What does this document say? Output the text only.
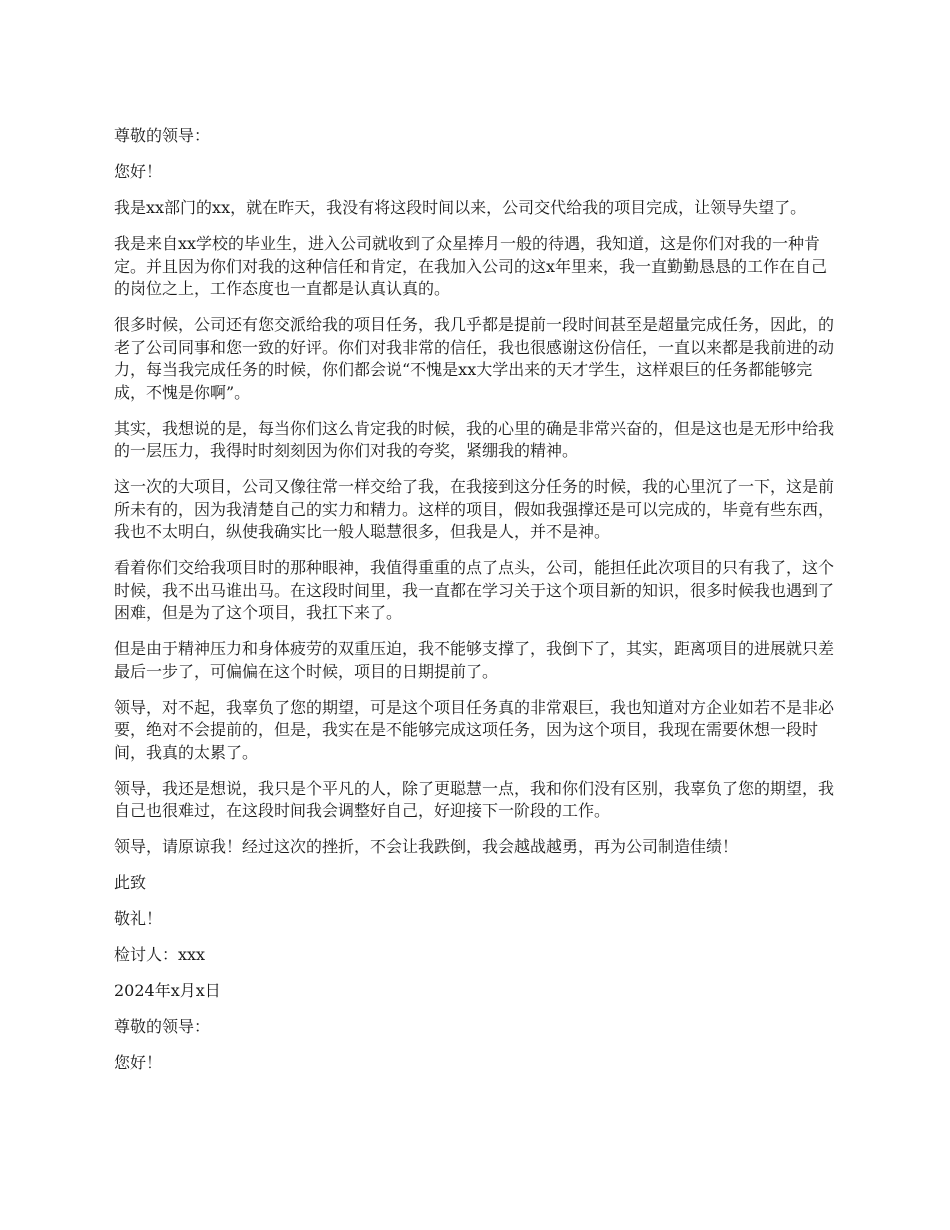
尊敬的领导：

您好！

我是xx部门的xx，就在昨天，我没有将这段时间以来，公司交代给我的项目完成，让领导失望了。

我是来自xx学校的毕业生，进入公司就收到了众星捧月一般的待遇，我知道，这是你们对我的一种肯定。并且因为你们对我的这种信任和肯定，在我加入公司的这x年里来，我一直勤勤恳恳的工作在自己的岗位之上，工作态度也一直都是认真认真的。

很多时候，公司还有您交派给我的项目任务，我几乎都是提前一段时间甚至是超量完成任务，因此，的老了公司同事和您一致的好评。你们对我非常的信任，我也很感谢这份信任，一直以来都是我前进的动力，每当我完成任务的时候，你们都会说“不愧是xx大学出来的天才学生，这样艰巨的任务都能够完成，不愧是你啊”。

其实，我想说的是，每当你们这么肯定我的时候，我的心里的确是非常兴奋的，但是这也是无形中给我的一层压力，我得时时刻刻因为你们对我的夸奖，紧绷我的精神。

这一次的大项目，公司又像往常一样交给了我，在我接到这分任务的时候，我的心里沉了一下，这是前所未有的，因为我清楚自己的实力和精力。这样的项目，假如我强撑还是可以完成的，毕竟有些东西，我也不太明白，纵使我确实比一般人聪慧很多，但我是人，并不是神。

看着你们交给我项目时的那种眼神，我值得重重的点了点头，公司，能担任此次项目的只有我了，这个时候，我不出马谁出马。在这段时间里，我一直都在学习关于这个项目新的知识，很多时候我也遇到了困难，但是为了这个项目，我扛下来了。

但是由于精神压力和身体疲劳的双重压迫，我不能够支撑了，我倒下了，其实，距离项目的进展就只差最后一步了，可偏偏在这个时候，项目的日期提前了。

领导，对不起，我辜负了您的期望，可是这个项目任务真的非常艰巨，我也知道对方企业如若不是非必要，绝对不会提前的，但是，我实在是不能够完成这项任务，因为这个项目，我现在需要休想一段时间，我真的太累了。

领导，我还是想说，我只是个平凡的人，除了更聪慧一点，我和你们没有区别，我辜负了您的期望，我自己也很难过，在这段时间我会调整好自己，好迎接下一阶段的工作。

领导，请原谅我！经过这次的挫折，不会让我跌倒，我会越战越勇，再为公司制造佳绩！

此致

敬礼！

检讨人：xxx

2024年x月x日

尊敬的领导：

您好！
